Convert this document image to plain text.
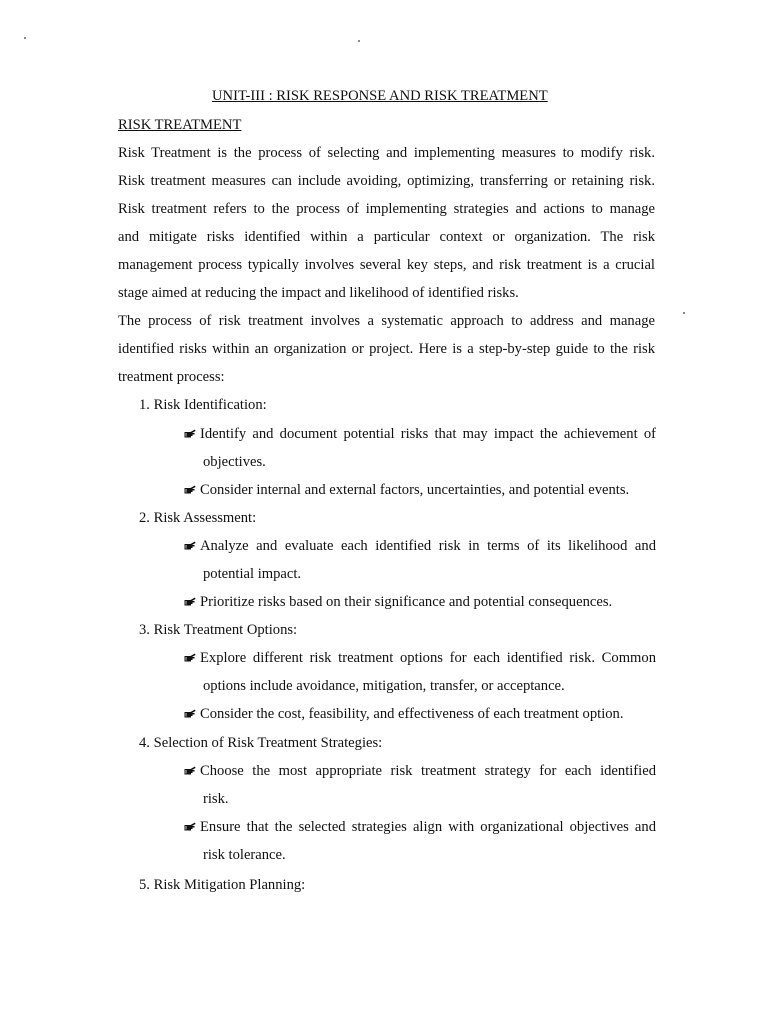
UNIT-III : RISK RESPONSE AND RISK TREATMENT
RISK TREATMENT
Risk Treatment is the process of selecting and implementing measures to modify risk.
Risk treatment measures can include avoiding, optimizing, transferring or retaining risk.
Risk treatment refers to the process of implementing strategies and actions to manage
and mitigate risks identified within a particular context or organization. The risk
management process typically involves several key steps, and risk treatment is a crucial
stage aimed at reducing the impact and likelihood of identified risks.
The process of risk treatment involves a systematic approach to address and manage
identified risks within an organization or project. Here is a step-by-step guide to the risk
treatment process:
1. Risk Identification:
Identify and document potential risks that may impact the achievement of
objectives.
Consider internal and external factors, uncertainties, and potential events.
2. Risk Assessment:
Analyze and evaluate each identified risk in terms of its likelihood and
potential impact.
Prioritize risks based on their significance and potential consequences.
3. Risk Treatment Options:
Explore different risk treatment options for each identified risk. Common
options include avoidance, mitigation, transfer, or acceptance.
Consider the cost, feasibility, and effectiveness of each treatment option.
4. Selection of Risk Treatment Strategies:
Choose the most appropriate risk treatment strategy for each identified
risk.
Ensure that the selected strategies align with organizational objectives and
risk tolerance.
5. Risk Mitigation Planning:
